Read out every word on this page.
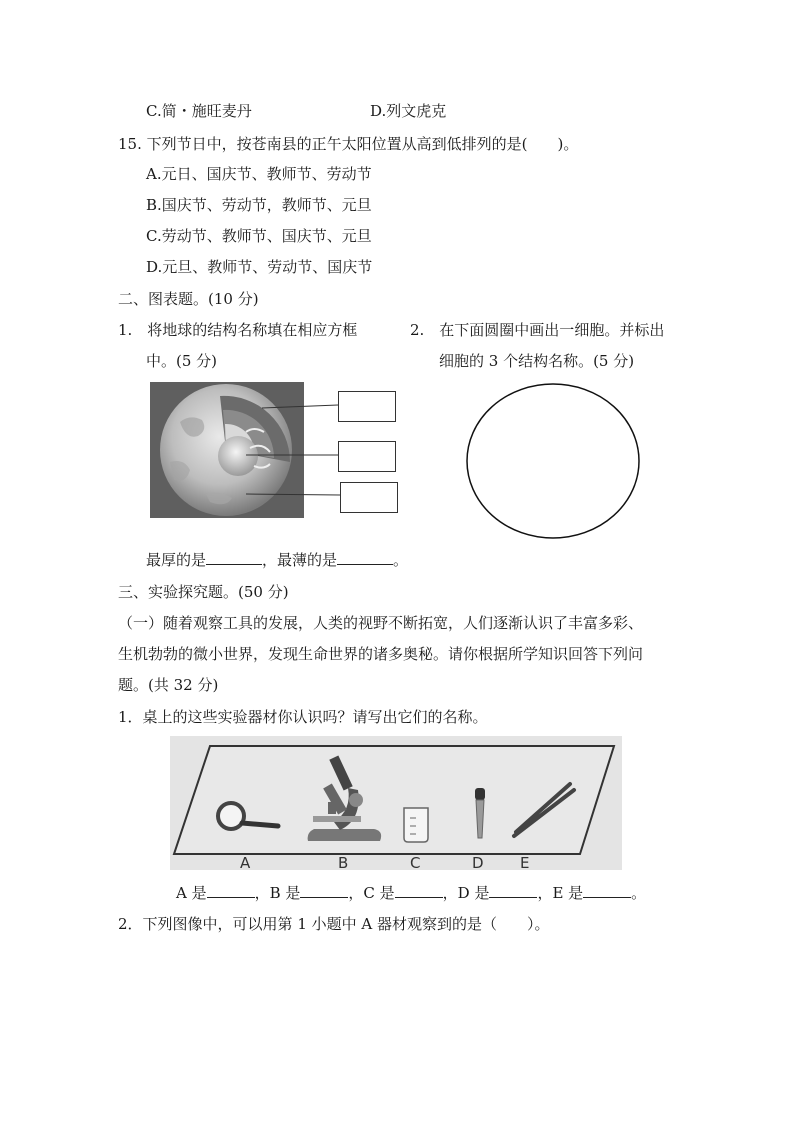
C.简・施旺麦丹	D.列文虎克
15. 下列节日中，按苍南县的正午太阳位置从高到低排列的是(　　)。
A.元日、国庆节、教师节、劳动节
B.国庆节、劳动节，教师节、元旦
C.劳动节、教师节、国庆节、元旦
D.元旦、教师节、劳动节、国庆节
二、图表题。(10 分)
1.　将地球的结构名称填在相应方框
中。(5 分)
2.　在下面圆圈中画出一细胞。并标出
细胞的 3 个结构名称。(5 分)
最厚的是	，最薄的是	。
三、实验探究题。(50 分)
（一）随着观察工具的发展，人类的视野不断拓宽，人们逐渐认识了丰富多彩、
生机勃勃的微小世界，发现生命世界的诸多奥秘。请你根据所学知识回答下列问
题。(共 32 分)
1．桌上的这些实验器材你认识吗？请写出它们的名称。
A	B	C	D E
A 是	，B 是	，C 是	，D 是	，E 是	。
2．下列图像中，可以用第 1 小题中 A 器材观察到的是（　　）。
